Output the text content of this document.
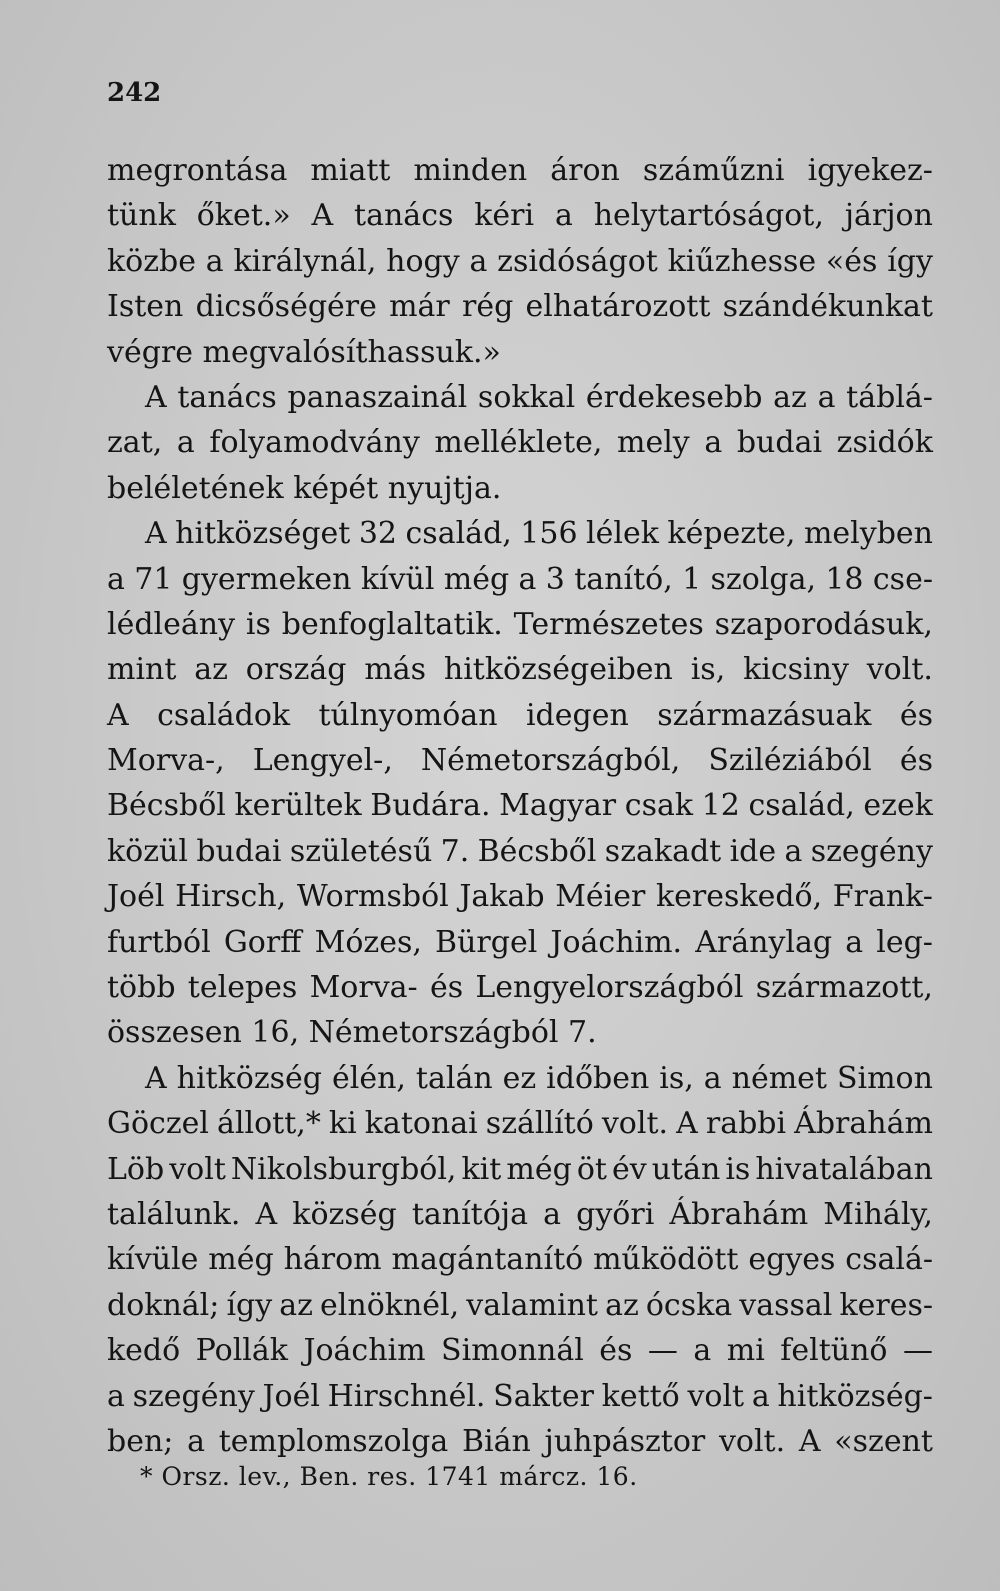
242
megrontása miatt minden áron száműzni igyekez-
tünk őket.» A tanács kéri a helytartóságot, járjon
közbe a királynál, hogy a zsidóságot kiűzhesse «és így
Isten dicsőségére már rég elhatározott szándékunkat
végre megvalósíthassuk.»
A tanács panaszainál sokkal érdekesebb az a táblá-
zat, a folyamodvány melléklete, mely a budai zsidók
beléletének képét nyujtja.
A hitközséget 32 család, 156 lélek képezte, melyben
a 71 gyermeken kívül még a 3 tanító, 1 szolga, 18 cse-
lédleány is benfoglaltatik. Természetes szaporodásuk,
mint az ország más hitközségeiben is, kicsiny volt.
A családok túlnyomóan idegen származásuak és
Morva-, Lengyel-, Németországból, Sziléziából és
Bécsből kerültek Budára. Magyar csak 12 család, ezek
közül budai születésű 7. Bécsből szakadt ide a szegény
Joél Hirsch, Wormsból Jakab Méier kereskedő, Frank-
furtból Gorff Mózes, Bürgel Joáchim. Aránylag a leg-
több telepes Morva- és Lengyelországból származott,
összesen 16, Németországból 7.
A hitközség élén, talán ez időben is, a német Simon
Göczel állott,* ki katonai szállító volt. A rabbi Ábrahám
Löb volt Nikolsburgból, kit még öt év után is hivatalában
találunk. A község tanítója a győri Ábrahám Mihály,
kívüle még három magántanító működött egyes csalá-
doknál; így az elnöknél, valamint az ócska vassal keres-
kedő Pollák Joáchim Simonnál és — a mi feltünő —
a szegény Joél Hirschnél. Sakter kettő volt a hitközség-
ben; a templomszolga Bián juhpásztor volt. A «szent
* Orsz. lev., Ben. res. 1741 márcz. 16.
